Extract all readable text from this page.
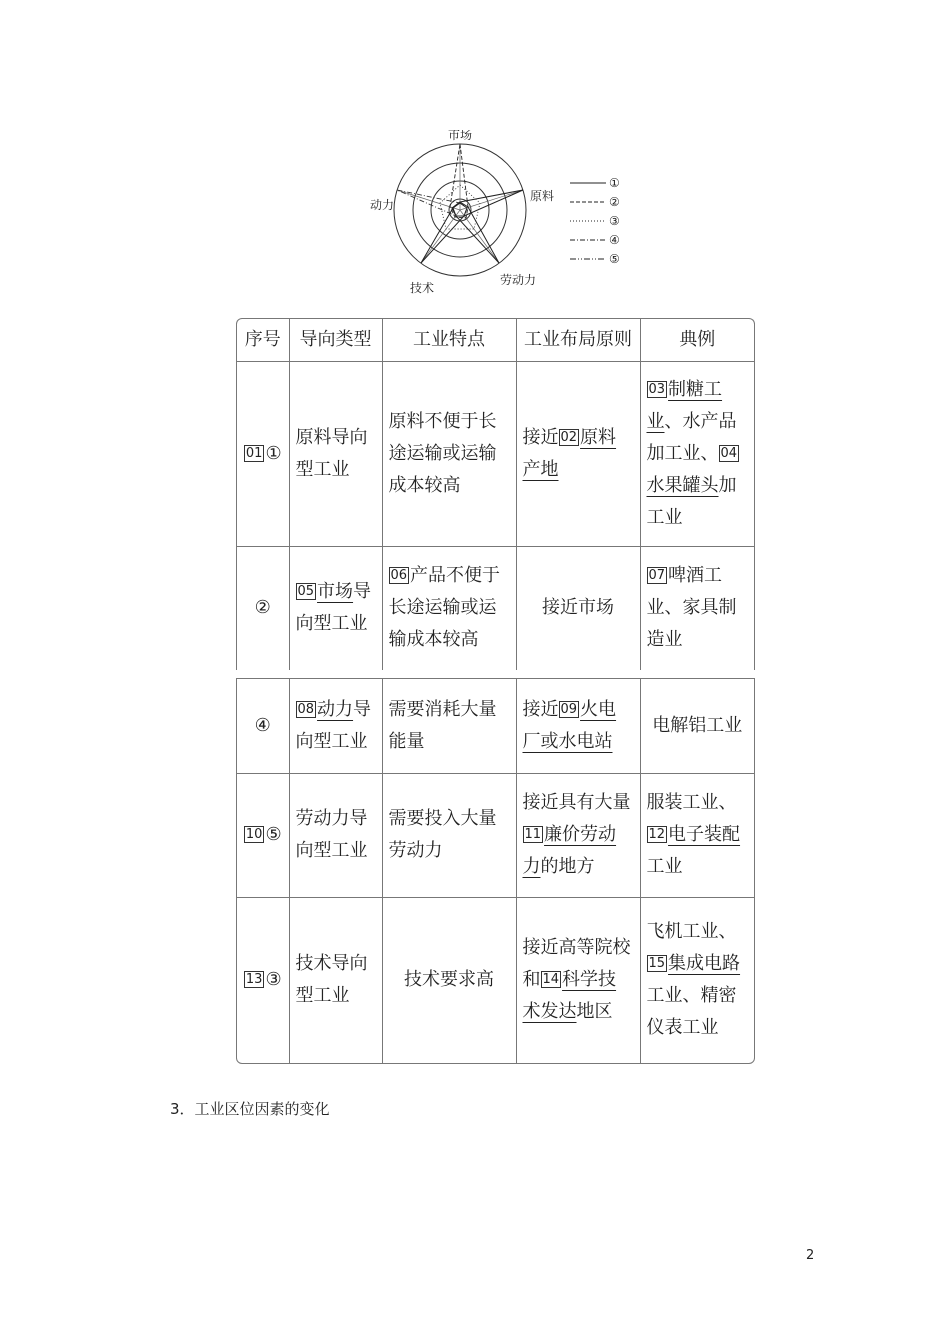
市场
原料
劳动力
技术
动力
①
②
③
④
⑤
序号	导向类型	工业特点	工业布局原则	典例
01 ①	原料导向型工业	原料不便于长途运输或运输成本较高	接近 02 原料产地	03 制糖工业、水产品加工业、 04水果罐头加工业
②	05 市场导向型工业	06 产品不便于长途运输或运输成本较高	接近市场	07 啤酒工业、家具制造业
④	08 动力导向型工业	需要消耗大量能量	接近 09 火电厂或水电站	电解铝工业
10 ⑤	劳动力导向型工业	需要投入大量劳动力	接近具有大量11 廉价劳动力的地方	服装工业、12 电子装配工业
13 ③	技术导向型工业	技术要求高	接近高等院校和 14 科学技术发达地区	飞机工业、15 集成电路工业、精密仪表工业
3．工业区位因素的变化
2
